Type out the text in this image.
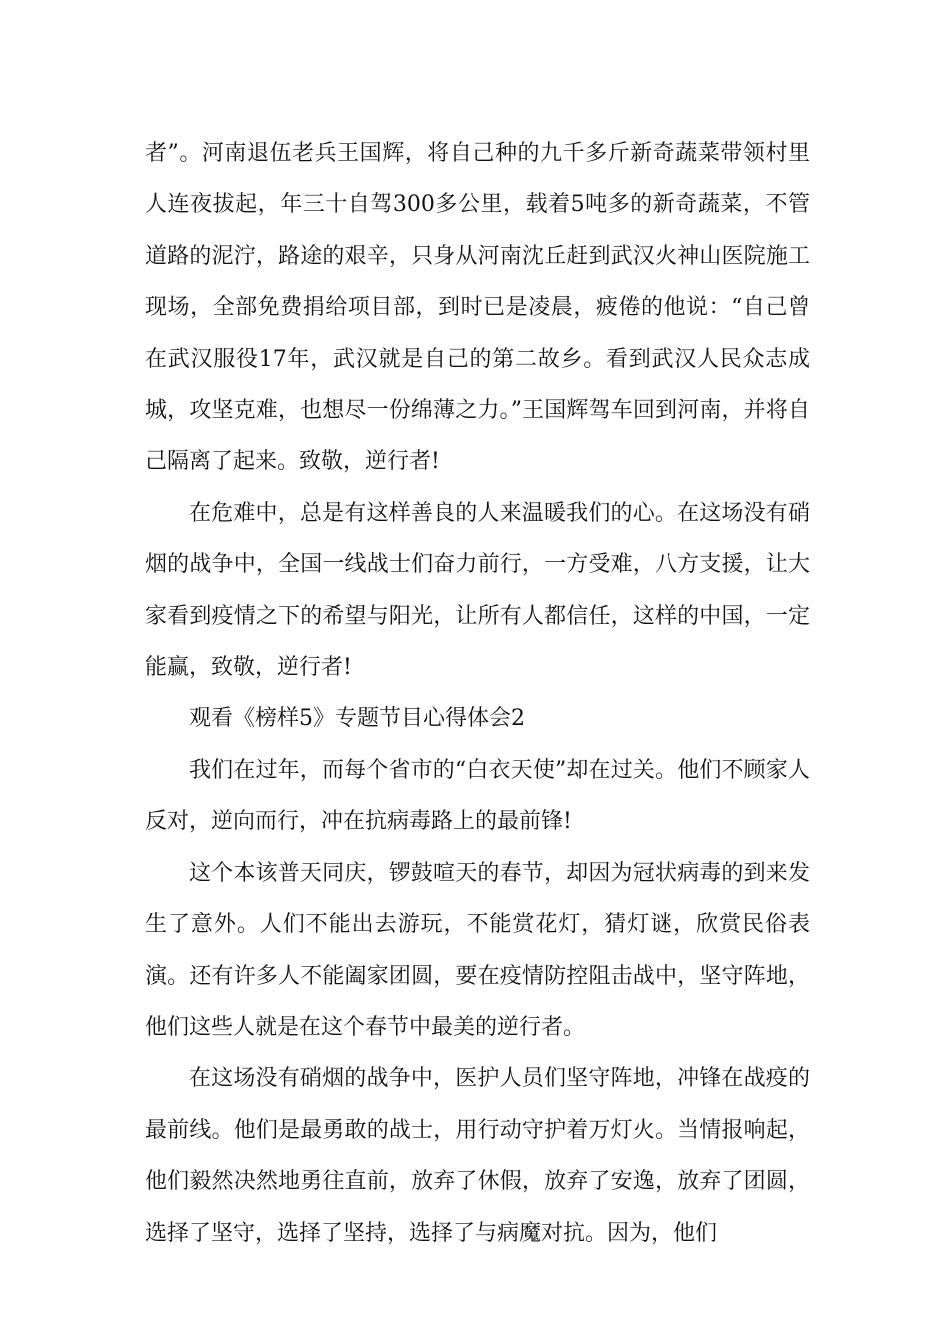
者”。河南退伍老兵王国辉，将自己种的九千多斤新奇蔬菜带领村里人连夜拔起，年三十自驾300多公里，载着5吨多的新奇蔬菜，不管道路的泥泞，路途的艰辛，只身从河南沈丘赶到武汉火神山医院施工现场，全部免费捐给项目部，到时已是凌晨，疲倦的他说：“自己曾在武汉服役17年，武汉就是自己的第二故乡。看到武汉人民众志成城，攻坚克难，也想尽一份绵薄之力。”王国辉驾车回到河南，并将自己隔离了起来。致敬，逆行者!

在危难中，总是有这样善良的人来温暖我们的心。在这场没有硝烟的战争中，全国一线战士们奋力前行，一方受难，八方支援，让大家看到疫情之下的希望与阳光，让所有人都信任，这样的中国，一定能赢，致敬，逆行者!

观看《榜样5》专题节目心得体会2

我们在过年，而每个省市的“白衣天使”却在过关。他们不顾家人反对，逆向而行，冲在抗病毒路上的最前锋!

这个本该普天同庆，锣鼓喧天的春节，却因为冠状病毒的到来发生了意外。人们不能出去游玩，不能赏花灯，猜灯谜，欣赏民俗表演。还有许多人不能阖家团圆，要在疫情防控阻击战中，坚守阵地，他们这些人就是在这个春节中最美的逆行者。

在这场没有硝烟的战争中，医护人员们坚守阵地，冲锋在战疫的最前线。他们是最勇敢的战士，用行动守护着万灯火。当情报响起，他们毅然决然地勇往直前，放弃了休假，放弃了安逸，放弃了团圆，选择了坚守，选择了坚持，选择了与病魔对抗。因为，他们
